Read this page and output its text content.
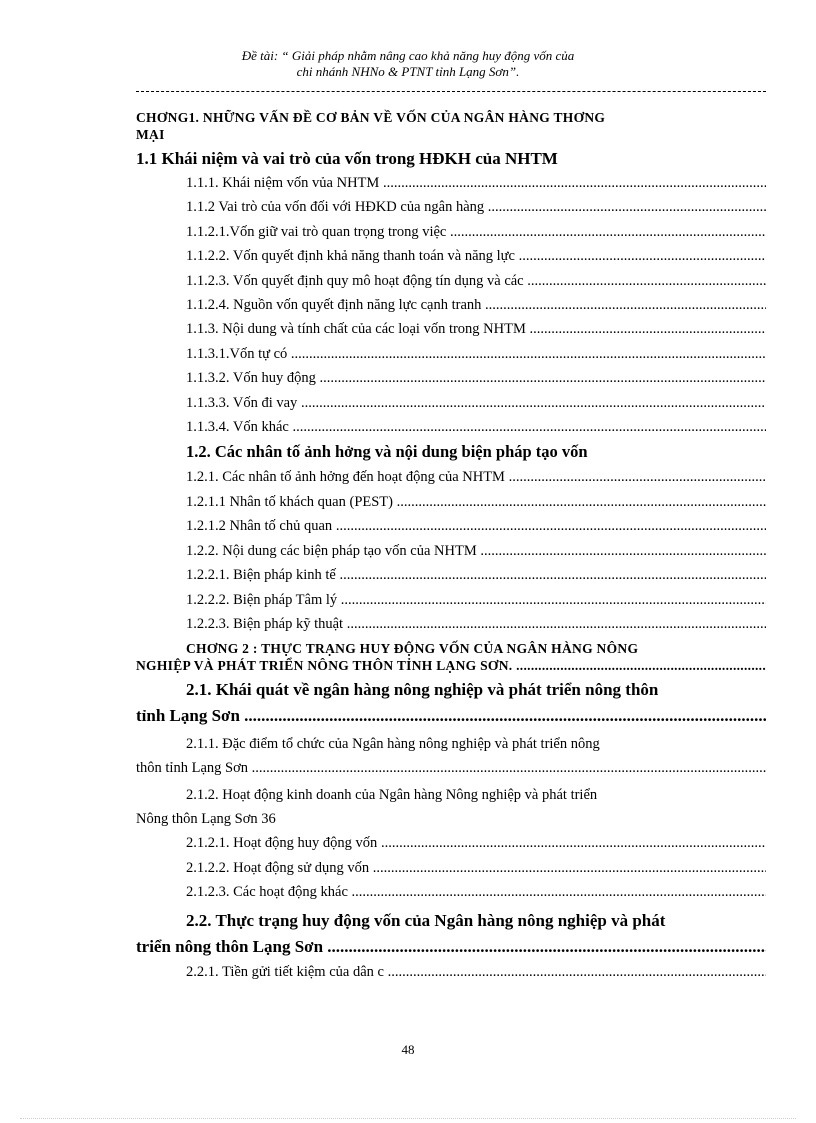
Đề tài: “ Giải pháp nhằm nâng cao khả năng huy động vốn của
chi nhánh NHNo & PTNT tỉnh Lạng Sơn”.
CHƠNG1. NHỮNG VẤN ĐỀ CƠ BẢN VỀ VỐN CỦA NGÂN HÀNG THƠNG
MẠI
1.1 Khái niệm và vai trò của vốn trong HĐKH của NHTM
1.1.1. Khái niệm vốn vủa NHTM .....
1.1.2 Vai trò của vốn đối với HĐKD của ngân hàng .....
1.1.2.1.Vốn giữ vai trò quan trọng trong việc .....
1.1.2.2. Vốn quyết định khả năng thanh toán và năng lực .....
1.1.2.3. Vốn quyết định quy mô hoạt động tín dụng và các .....
1.1.2.4. Nguồn vốn quyết định năng lực cạnh tranh .....
1.1.3. Nội dung và tính chất của các loại vốn trong NHTM .....
1.1.3.1.Vốn tự có .....
1.1.3.2. Vốn huy động .....
1.1.3.3. Vốn đi vay .....
1.1.3.4. Vốn khác .....
1.2. Các nhân tố ảnh hởng và nội dung biện pháp tạo vốn
1.2.1. Các nhân tố ảnh hởng đến hoạt động của NHTM .....
1.2.1.1 Nhân tố khách quan (PEST) .....
1.2.1.2 Nhân tố chủ quan .....
1.2.2. Nội dung các biện pháp tạo vốn của NHTM .....
1.2.2.1. Biện pháp kinh tế .....
1.2.2.2. Biện pháp Tâm lý .....
1.2.2.3. Biện pháp kỹ thuật .....
CHƠNG 2 : THỰC TRẠNG HUY ĐỘNG VỐN CỦA NGÂN HÀNG NÔNG
NGHIỆP VÀ PHÁT TRIỂN NÔNG THÔN TỈNH LẠNG SƠN. .....
2.1. Khái quát về ngân hàng nông nghiệp và phát triển nông thôn
tỉnh Lạng Sơn .....
2.1.1. Đặc điểm tổ chức của Ngân hàng nông nghiệp và phát triển nông
thôn tỉnh Lạng Sơn .....
2.1.2. Hoạt động kinh doanh của Ngân hàng Nông nghiệp và phát triển
Nông thôn Lạng Sơn 36
2.1.2.1. Hoạt động huy động vốn .....
2.1.2.2. Hoạt động sử dụng vốn .....
2.1.2.3. Các hoạt động khác .....
2.2. Thực trạng huy động vốn của Ngân hàng nông nghiệp và phát
triển nông thôn Lạng Sơn .....
2.2.1. Tiền gửi tiết kiệm của dân c .....
48
